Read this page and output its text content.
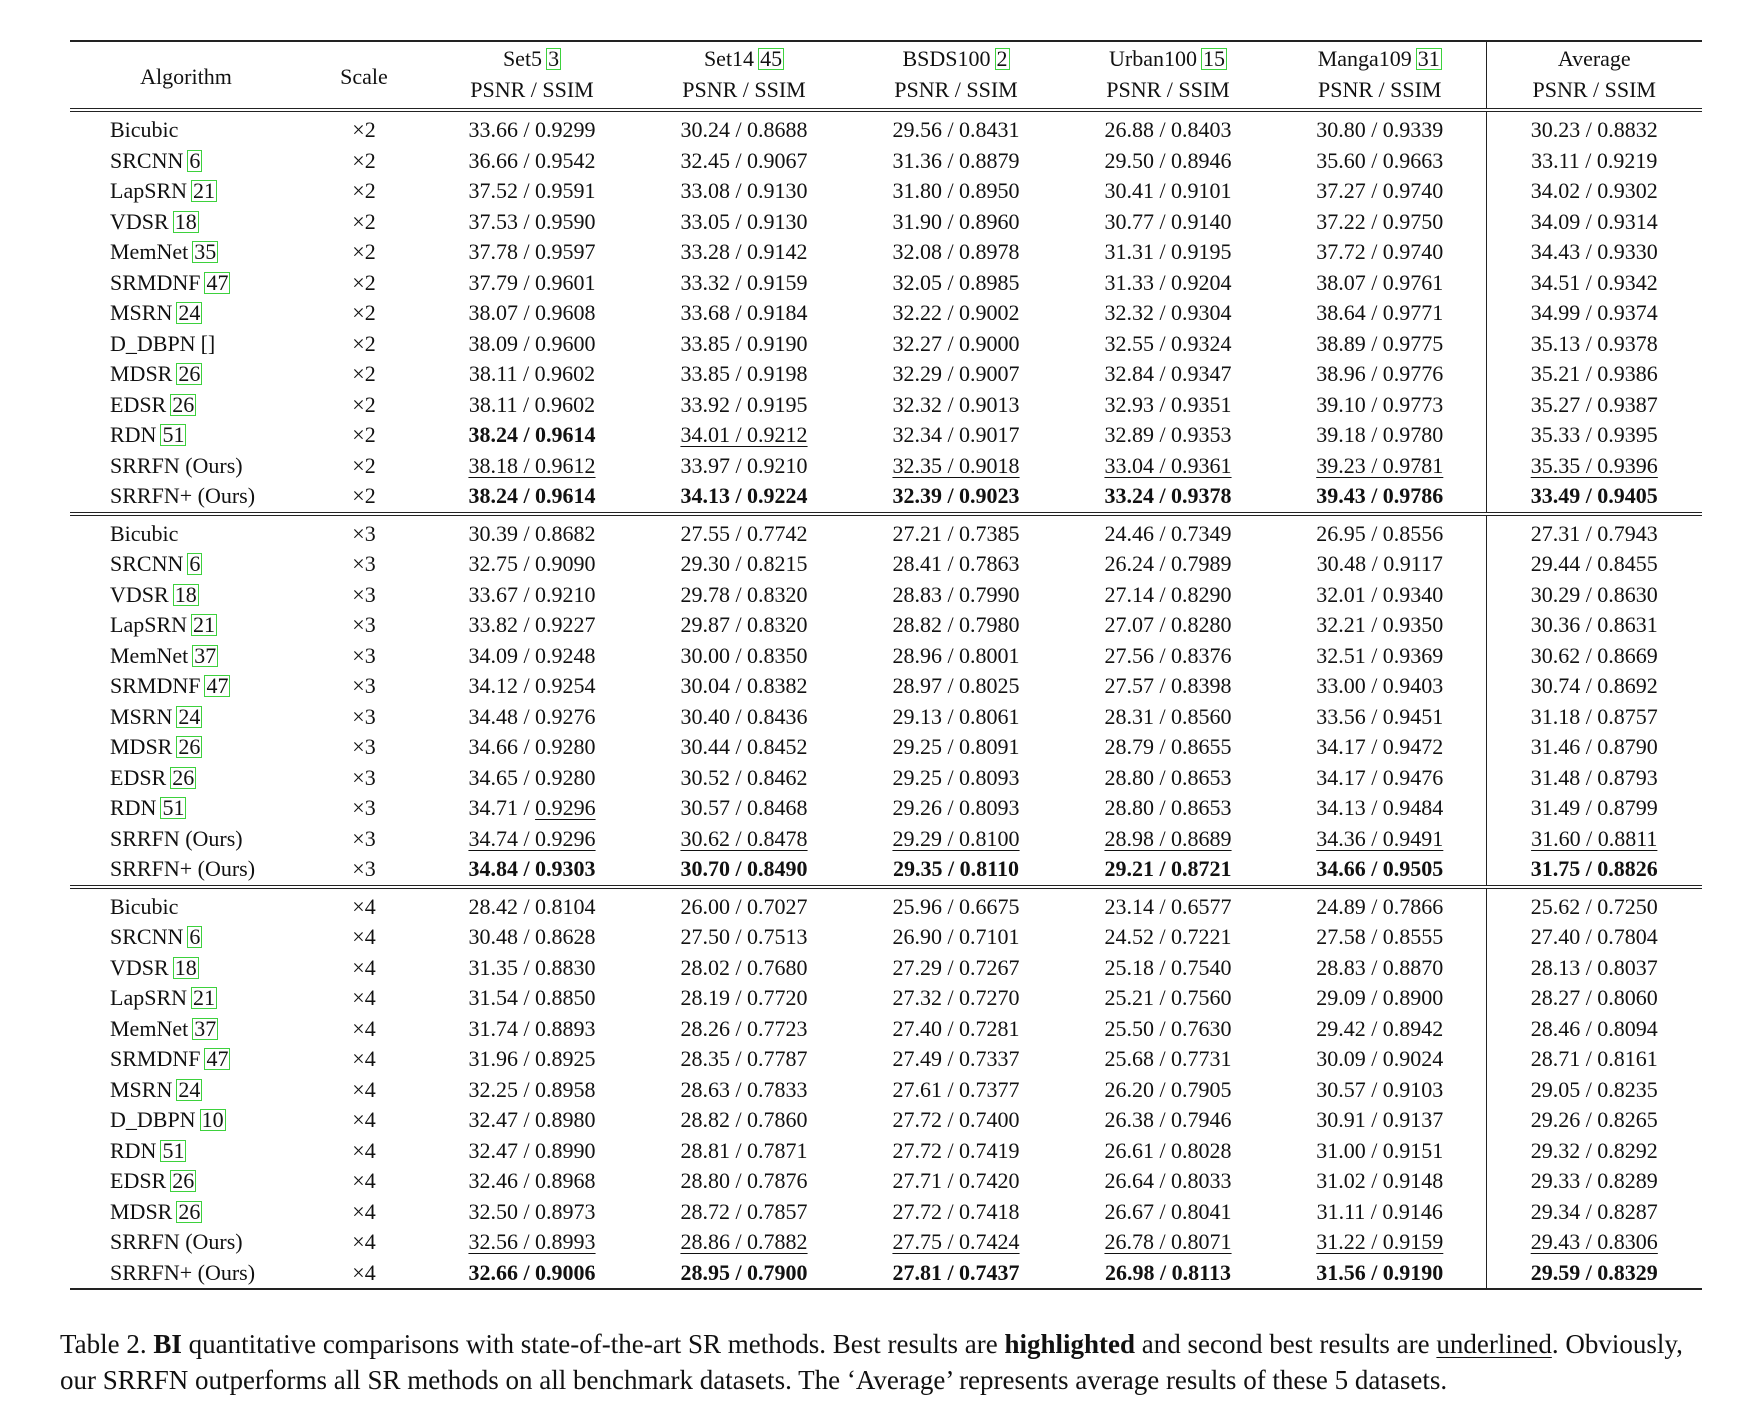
Algorithm	Scale	Set5 3	Set14 45	BSDS100 2	Urban100 15	Manga109 31	Average
		PSNR / SSIM	PSNR / SSIM	PSNR / SSIM	PSNR / SSIM	PSNR / SSIM	PSNR / SSIM
Bicubic	×2	33.66 / 0.9299	30.24 / 0.8688	29.56 / 0.8431	26.88 / 0.8403	30.80 / 0.9339	30.23 / 0.8832
SRCNN 6	×2	36.66 / 0.9542	32.45 / 0.9067	31.36 / 0.8879	29.50 / 0.8946	35.60 / 0.9663	33.11 / 0.9219
LapSRN 21	×2	37.52 / 0.9591	33.08 / 0.9130	31.80 / 0.8950	30.41 / 0.9101	37.27 / 0.9740	34.02 / 0.9302
VDSR 18	×2	37.53 / 0.9590	33.05 / 0.9130	31.90 / 0.8960	30.77 / 0.9140	37.22 / 0.9750	34.09 / 0.9314
MemNet 35	×2	37.78 / 0.9597	33.28 / 0.9142	32.08 / 0.8978	31.31 / 0.9195	37.72 / 0.9740	34.43 / 0.9330
SRMDNF 47	×2	37.79 / 0.9601	33.32 / 0.9159	32.05 / 0.8985	31.33 / 0.9204	38.07 / 0.9761	34.51 / 0.9342
MSRN 24	×2	38.07 / 0.9608	33.68 / 0.9184	32.22 / 0.9002	32.32 / 0.9304	38.64 / 0.9771	34.99 / 0.9374
D_DBPN []	×2	38.09 / 0.9600	33.85 / 0.9190	32.27 / 0.9000	32.55 / 0.9324	38.89 / 0.9775	35.13 / 0.9378
MDSR 26	×2	38.11 / 0.9602	33.85 / 0.9198	32.29 / 0.9007	32.84 / 0.9347	38.96 / 0.9776	35.21 / 0.9386
EDSR 26	×2	38.11 / 0.9602	33.92 / 0.9195	32.32 / 0.9013	32.93 / 0.9351	39.10 / 0.9773	35.27 / 0.9387
RDN 51	×2	38.24 / 0.9614	34.01 / 0.9212	32.34 / 0.9017	32.89 / 0.9353	39.18 / 0.9780	35.33 / 0.9395
SRRFN (Ours)	×2	38.18 / 0.9612	33.97 / 0.9210	32.35 / 0.9018	33.04 / 0.9361	39.23 / 0.9781	35.35 / 0.9396
SRRFN+ (Ours)	×2	38.24 / 0.9614	34.13 / 0.9224	32.39 / 0.9023	33.24 / 0.9378	39.43 / 0.9786	33.49 / 0.9405
Bicubic	×3	30.39 / 0.8682	27.55 / 0.7742	27.21 / 0.7385	24.46 / 0.7349	26.95 / 0.8556	27.31 / 0.7943
SRCNN 6	×3	32.75 / 0.9090	29.30 / 0.8215	28.41 / 0.7863	26.24 / 0.7989	30.48 / 0.9117	29.44 / 0.8455
VDSR 18	×3	33.67 / 0.9210	29.78 / 0.8320	28.83 / 0.7990	27.14 / 0.8290	32.01 / 0.9340	30.29 / 0.8630
LapSRN 21	×3	33.82 / 0.9227	29.87 / 0.8320	28.82 / 0.7980	27.07 / 0.8280	32.21 / 0.9350	30.36 / 0.8631
MemNet 37	×3	34.09 / 0.9248	30.00 / 0.8350	28.96 / 0.8001	27.56 / 0.8376	32.51 / 0.9369	30.62 / 0.8669
SRMDNF 47	×3	34.12 / 0.9254	30.04 / 0.8382	28.97 / 0.8025	27.57 / 0.8398	33.00 / 0.9403	30.74 / 0.8692
MSRN 24	×3	34.48 / 0.9276	30.40 / 0.8436	29.13 / 0.8061	28.31 / 0.8560	33.56 / 0.9451	31.18 / 0.8757
MDSR 26	×3	34.66 / 0.9280	30.44 / 0.8452	29.25 / 0.8091	28.79 / 0.8655	34.17 / 0.9472	31.46 / 0.8790
EDSR 26	×3	34.65 / 0.9280	30.52 / 0.8462	29.25 / 0.8093	28.80 / 0.8653	34.17 / 0.9476	31.48 / 0.8793
RDN 51	×3	34.71 / 0.9296	30.57 / 0.8468	29.26 / 0.8093	28.80 / 0.8653	34.13 / 0.9484	31.49 / 0.8799
SRRFN (Ours)	×3	34.74 / 0.9296	30.62 / 0.8478	29.29 / 0.8100	28.98 / 0.8689	34.36 / 0.9491	31.60 / 0.8811
SRRFN+ (Ours)	×3	34.84 / 0.9303	30.70 / 0.8490	29.35 / 0.8110	29.21 / 0.8721	34.66 / 0.9505	31.75 / 0.8826
Bicubic	×4	28.42 / 0.8104	26.00 / 0.7027	25.96 / 0.6675	23.14 / 0.6577	24.89 / 0.7866	25.62 / 0.7250
SRCNN 6	×4	30.48 / 0.8628	27.50 / 0.7513	26.90 / 0.7101	24.52 / 0.7221	27.58 / 0.8555	27.40 / 0.7804
VDSR 18	×4	31.35 / 0.8830	28.02 / 0.7680	27.29 / 0.7267	25.18 / 0.7540	28.83 / 0.8870	28.13 / 0.8037
LapSRN 21	×4	31.54 / 0.8850	28.19 / 0.7720	27.32 / 0.7270	25.21 / 0.7560	29.09 / 0.8900	28.27 / 0.8060
MemNet 37	×4	31.74 / 0.8893	28.26 / 0.7723	27.40 / 0.7281	25.50 / 0.7630	29.42 / 0.8942	28.46 / 0.8094
SRMDNF 47	×4	31.96 / 0.8925	28.35 / 0.7787	27.49 / 0.7337	25.68 / 0.7731	30.09 / 0.9024	28.71 / 0.8161
MSRN 24	×4	32.25 / 0.8958	28.63 / 0.7833	27.61 / 0.7377	26.20 / 0.7905	30.57 / 0.9103	29.05 / 0.8235
D_DBPN 10	×4	32.47 / 0.8980	28.82 / 0.7860	27.72 / 0.7400	26.38 / 0.7946	30.91 / 0.9137	29.26 / 0.8265
RDN 51	×4	32.47 / 0.8990	28.81 / 0.7871	27.72 / 0.7419	26.61 / 0.8028	31.00 / 0.9151	29.32 / 0.8292
EDSR 26	×4	32.46 / 0.8968	28.80 / 0.7876	27.71 / 0.7420	26.64 / 0.8033	31.02 / 0.9148	29.33 / 0.8289
MDSR 26	×4	32.50 / 0.8973	28.72 / 0.7857	27.72 / 0.7418	26.67 / 0.8041	31.11 / 0.9146	29.34 / 0.8287
SRRFN (Ours)	×4	32.56 / 0.8993	28.86 / 0.7882	27.75 / 0.7424	26.78 / 0.8071	31.22 / 0.9159	29.43 / 0.8306
SRRFN+ (Ours)	×4	32.66 / 0.9006	28.95 / 0.7900	27.81 / 0.7437	26.98 / 0.8113	31.56 / 0.9190	29.59 / 0.8329
Table 2. BI quantitative comparisons with state-of-the-art SR methods. Best results are highlighted and second best results are underlined. Obviously, our SRRFN outperforms all SR methods on all benchmark datasets. The ‘Average’ represents average results of these 5 datasets.
